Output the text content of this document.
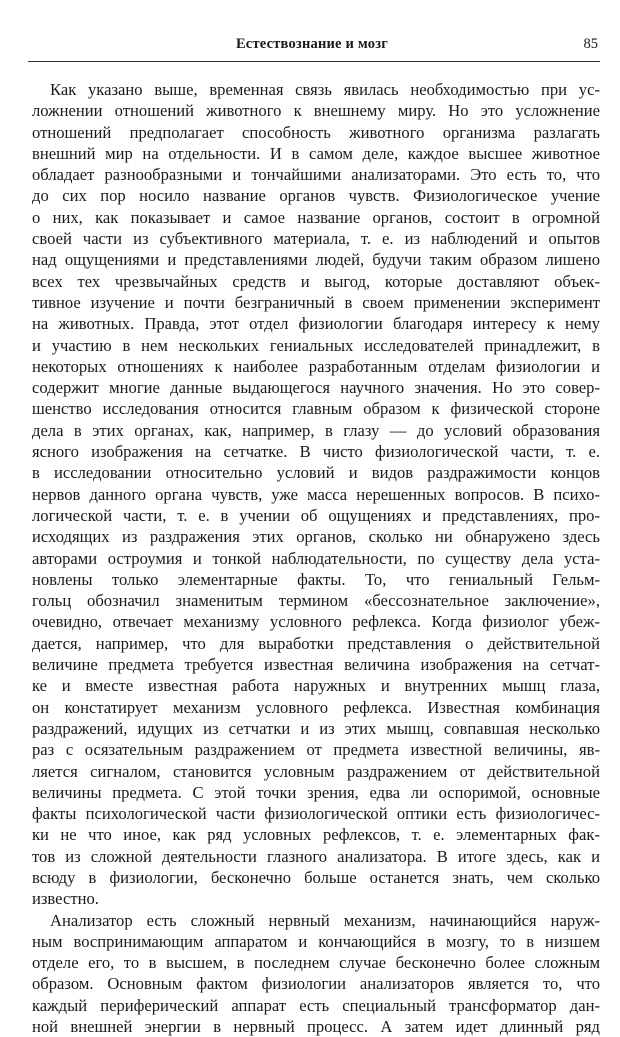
Естествознание и мозг	85
Как указано выше, временная связь явилась необходимостью при ус-
ложнении отношений животного к внешнему миру. Но это усложнение
отношений предполагает способность животного организма разлагать
внешний мир на отдельности. И в самом деле, каждое высшее животное
обладает разнообразными и тончайшими анализаторами. Это есть то, что
до сих пор носило название органов чувств. Физиологическое учение
о них, как показывает и самое название органов, состоит в огромной
своей части из субъективного материала, т. е. из наблюдений и опытов
над ощущениями и представлениями людей, будучи таким образом лишено
всех тех чрезвычайных средств и выгод, которые доставляют объек-
тивное изучение и почти безграничный в своем применении эксперимент
на животных. Правда, этот отдел физиологии благодаря интересу к нему
и участию в нем нескольких гениальных исследователей принадлежит, в
некоторых отношениях к наиболее разработанным отделам физиологии и
содержит многие данные выдающегося научного значения. Но это совер-
шенство исследования относится главным образом к физической стороне
дела в этих органах, как, например, в глазу — до условий образования
ясного изображения на сетчатке. В чисто физиологической части, т. е.
в исследовании относительно условий и видов раздражимости концов
нервов данного органа чувств, уже масса нерешенных вопросов. В психо-
логической части, т. е. в учении об ощущениях и представлениях, про-
исходящих из раздражения этих органов, сколько ни обнаружено здесь
авторами остроумия и тонкой наблюдательности, по существу дела уста-
новлены только элементарные факты. То, что гениальный Гельм-
гольц обозначил знаменитым термином «бессознательное заключение»,
очевидно, отвечает механизму условного рефлекса. Когда физиолог убеж-
дается, например, что для выработки представления о действительной
величине предмета требуется известная величина изображения на сетчат-
ке и вместе известная работа наружных и внутренних мышц глаза,
он констатирует механизм условного рефлекса. Известная комбинация
раздражений, идущих из сетчатки и из этих мышц, совпавшая несколько
раз с осязательным раздражением от предмета известной величины, яв-
ляется сигналом, становится условным раздражением от действительной
величины предмета. С этой точки зрения, едва ли оспоримой, основные
факты психологической части физиологической оптики есть физиологичес-
ки не что иное, как ряд условных рефлексов, т. е. элементарных фак-
тов из сложной деятельности глазного анализатора. В итоге здесь, как и
всюду в физиологии, бесконечно больше останется знать, чем сколько
известно.
Анализатор есть сложный нервный механизм, начинающийся наруж-
ным воспринимающим аппаратом и кончающийся в мозгу, то в низшем
отделе его, то в высшем, в последнем случае бесконечно более сложным
образом. Основным фактом физиологии анализаторов является то, что
каждый периферический аппарат есть специальный трансформатор дан-
ной внешней энергии в нервный процесс. А затем идет длинный ряд
